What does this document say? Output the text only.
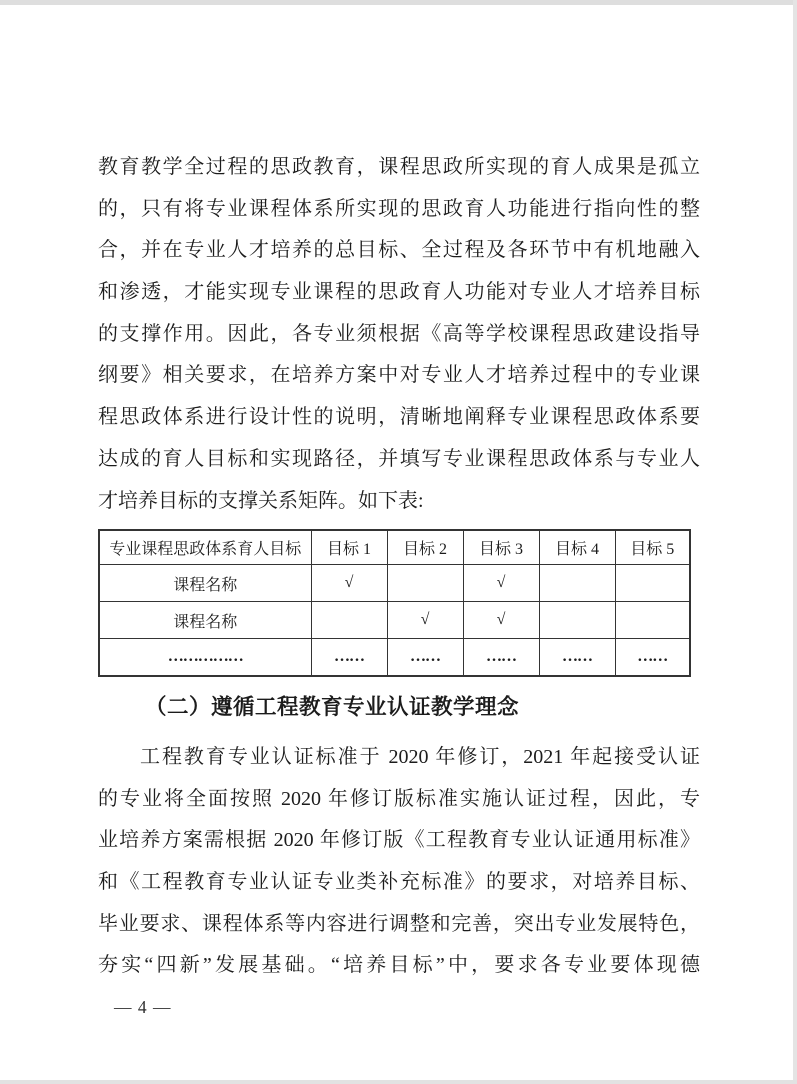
教育教学全过程的思政教育，课程思政所实现的育人成果是孤立
的，只有将专业课程体系所实现的思政育人功能进行指向性的整
合，并在专业人才培养的总目标、全过程及各环节中有机地融入
和渗透，才能实现专业课程的思政育人功能对专业人才培养目标
的支撑作用。因此，各专业须根据《高等学校课程思政建设指导
纲要》相关要求，在培养方案中对专业人才培养过程中的专业课
程思政体系进行设计性的说明，清晰地阐释专业课程思政体系要
达成的育人目标和实现路径，并填写专业课程思政体系与专业人
才培养目标的支撑关系矩阵。如下表:
专业课程思政体系育人目标	目标 1	目标 2	目标 3	目标 4	目标 5
课程名称	√		√		
课程名称		√	√		
……………	……	……	……	……	……
（二）遵循工程教育专业认证教学理念
工程教育专业认证标准于 2020 年修订，2021 年起接受认证
的专业将全面按照 2020 年修订版标准实施认证过程，因此，专
业培养方案需根据 2020 年修订版《工程教育专业认证通用标准》
和《工程教育专业认证专业类补充标准》的要求，对培养目标、
毕业要求、课程体系等内容进行调整和完善，突出专业发展特色，
夯实“四新”发展基础。“培养目标”中，要求各专业要体现德
— 4 —
